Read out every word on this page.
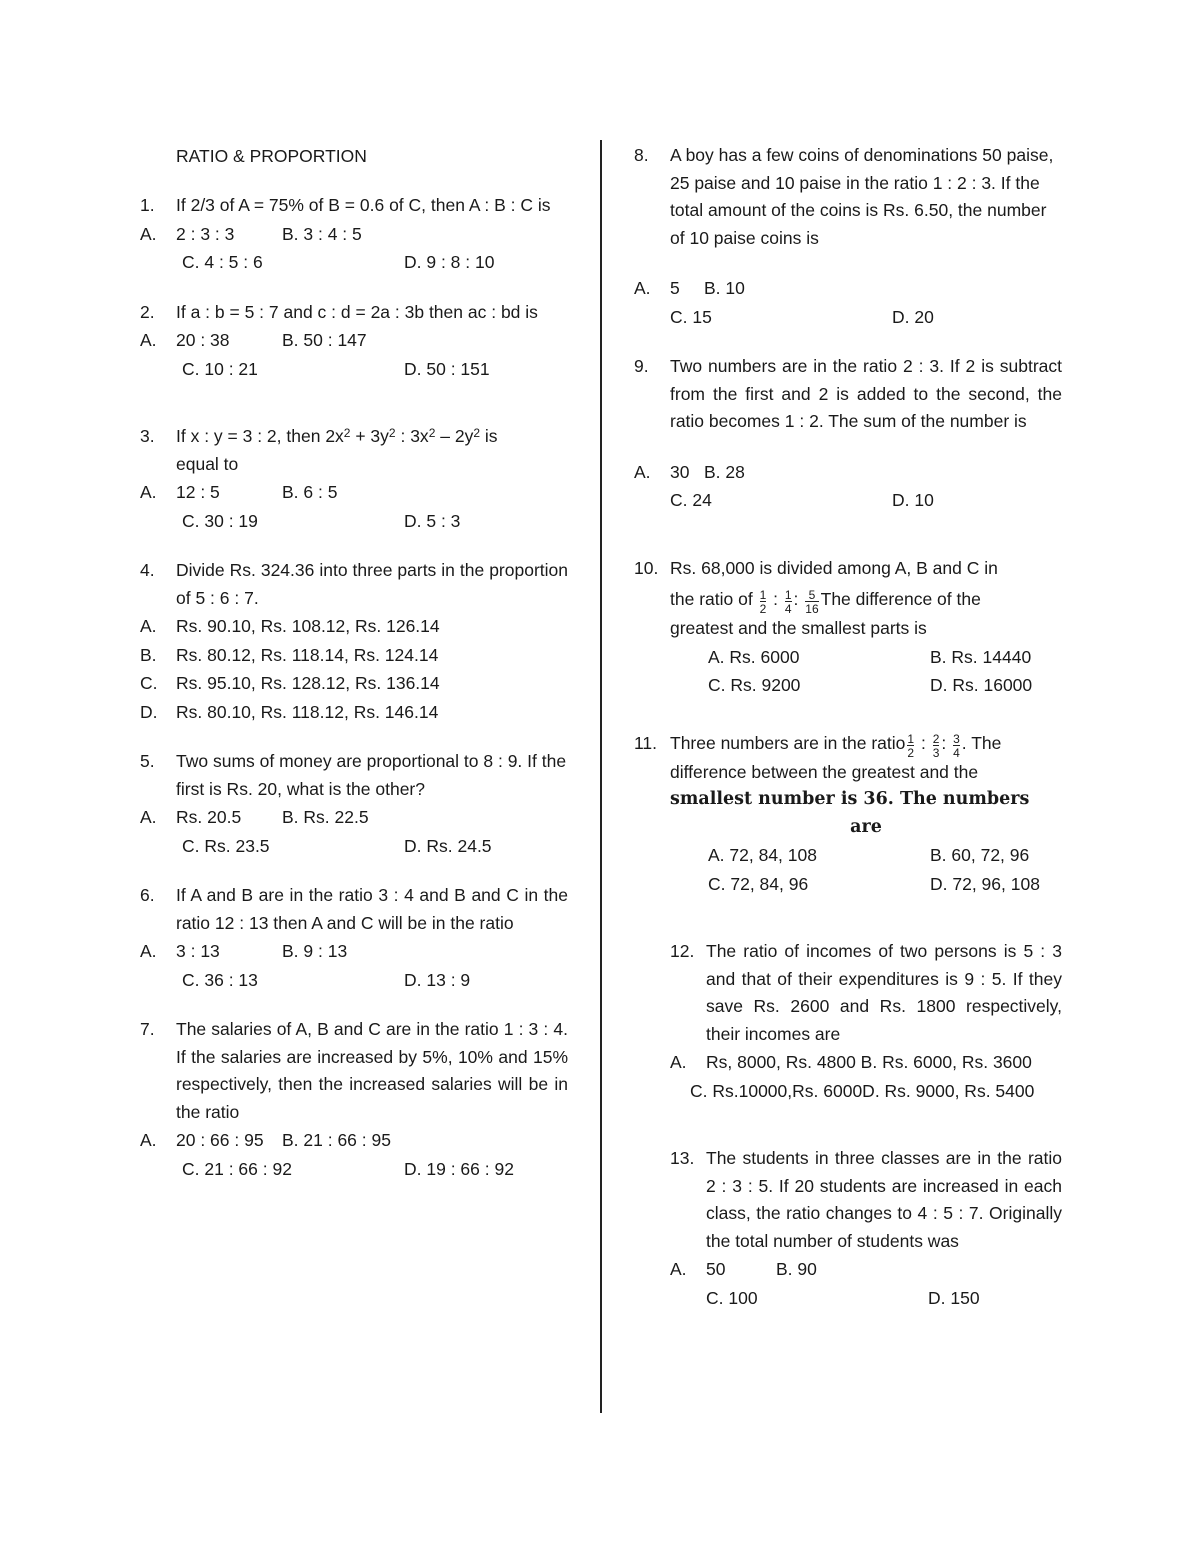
RATIO & PROPORTION
1.	If 2/3 of A = 75% of B = 0.6 of C, then A : B : C is
A.	2 : 3 : 3	B. 3 : 4 : 5
C. 4 : 5 : 6	D. 9 : 8 : 10
2.	If a : b = 5 : 7 and c : d = 2a : 3b then ac : bd is
A.	20 : 38	B. 50 : 147
C. 10 : 21	D. 50 : 151
3.	If x : y = 3 : 2, then $2x^2 + 3y^2$ : $3x^2 - 2y^2$ is
equal to
A.	12 : 5	B. 6 : 5
C. 30 : 19	D. 5 : 3
4.	Divide Rs. 324.36 into three parts in the proportion of 5 : 6 : 7.
A.	Rs. 90.10, Rs. 108.12, Rs. 126.14
B.	Rs. 80.12, Rs. 118.14, Rs. 124.14
C.	Rs. 95.10, Rs. 128.12, Rs. 136.14
D.	Rs. 80.10, Rs. 118.12, Rs. 146.14
5.	Two sums of money are proportional to 8 : 9. If the first is Rs. 20, what is the other?
A.	Rs. 20.5	B. Rs. 22.5
C. Rs. 23.5	D. Rs. 24.5
6.	If A and B are in the ratio 3 : 4 and B and C in the ratio 12 : 13 then A and C will be in the ratio
A.	3 : 13	B. 9 : 13
C. 36 : 13	D. 13 : 9
7.	The salaries of A, B and C are in the ratio 1 : 3 : 4. If the salaries are increased by 5%, 10% and 15% respectively, then the increased salaries will be in the ratio
A.	20 : 66 : 95	B. 21 : 66 : 95
C. 21 : 66 : 92	D. 19 : 66 : 92
8.	A boy has a few coins of denominations 50 paise, 25 paise and 10 paise in the ratio 1 : 2 : 3. If the total amount of the coins is Rs. 6.50, the number of 10 paise coins is
A.	5	B. 10
C. 15	D. 20
9.	Two numbers are in the ratio 2 : 3. If 2 is subtract from the first and 2 is added to the second, the ratio becomes 1 : 2. The sum of the number is
A.	30 B. 28
C. 24	D. 10
10. Rs. 68,000 is divided among A, B and C in
the ratio of $\frac{1}{2}$ : $\frac{1}{4}$ : $\frac{5}{16}$ The difference of the
greatest and the smallest parts is
A. Rs. 6000	B. Rs. 14440
C. Rs. 9200	D. Rs. 16000
11. Three numbers are in the ratio $\frac{1}{2}$ : $\frac{2}{3}$ : $\frac{3}{4}$ . The
difference between the greatest and the
smallest number is 36. The numbers
are
A. 72, 84, 108	B. 60, 72, 96
C. 72, 84, 96	D. 72, 96, 108
12. The ratio of incomes of two persons is 5 : 3 and that of their expenditures is 9 : 5. If they save Rs. 2600 and Rs. 1800 respectively, their incomes are
A.	Rs, 8000, Rs. 4800 B. Rs. 6000, Rs. 3600
C. Rs.10000,Rs. 6000D. Rs. 9000, Rs. 5400
13. The students in three classes are in the ratio 2 : 3 : 5. If 20 students are increased in each class, the ratio changes to 4 : 5 : 7. Originally the total number of students was
A.	50	B. 90
C. 100	D. 150
